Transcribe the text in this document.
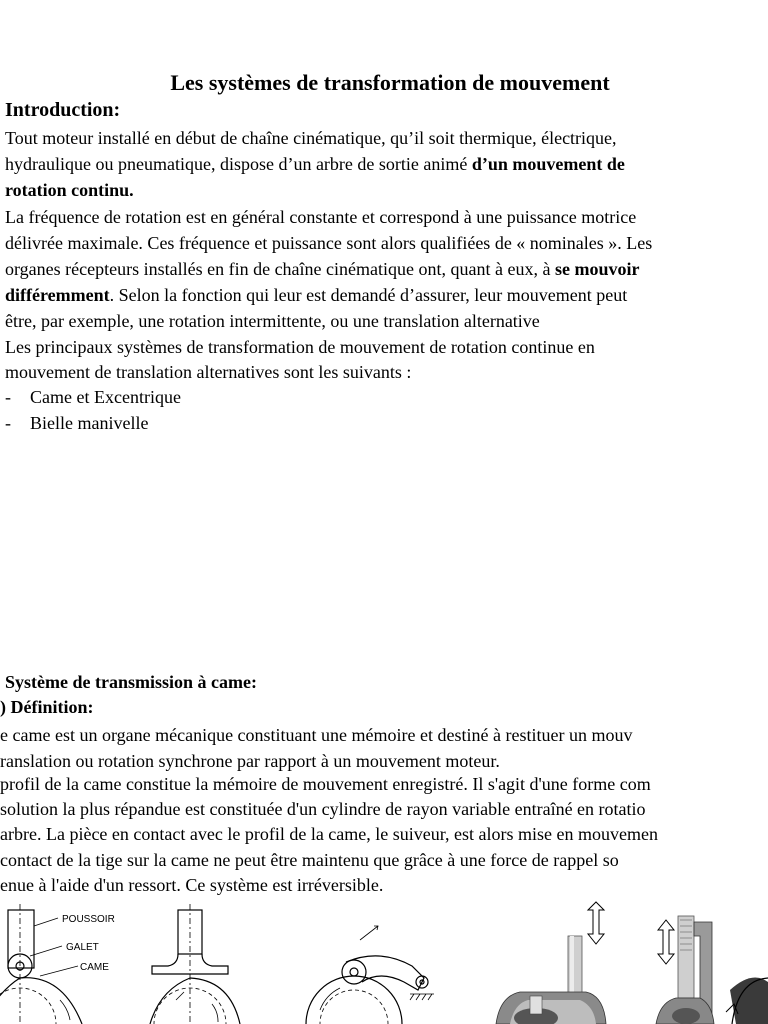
Les systèmes de transformation de mouvement
Introduction:
Tout moteur installé en début de chaîne cinématique, qu’il soit thermique, électrique,
hydraulique ou pneumatique, dispose d’un arbre de sortie animé d’un mouvement de
rotation continu.
La fréquence de rotation est en général constante et correspond à une puissance motrice
délivrée maximale. Ces fréquence et puissance sont alors qualifiées de « nominales ». Les
organes récepteurs installés en fin de chaîne cinématique ont, quant à eux, à se mouvoir
différemment. Selon la fonction qui leur est demandé d’assurer, leur mouvement peut
être, par exemple, une rotation intermittente, ou une translation alternative
Les principaux systèmes de transformation de mouvement de rotation continue en
mouvement de translation alternatives sont les suivants :
- Came et Excentrique
- Bielle manivelle
Système de transmission à came:
) Définition:
e came est un organe mécanique constituant une mémoire et destiné à restituer un mouv
ranslation ou rotation synchrone par rapport à un mouvement moteur.
profil de la came constitue la mémoire de mouvement enregistré. Il s'agit d'une forme com
solution la plus répandue est constituée d'un cylindre de rayon variable entraîné en rotatio
arbre. La pièce en contact avec le profil de la came, le suiveur, est alors mise en mouvemen
contact de la tige sur la came ne peut être maintenu que grâce à une force de rappel so
enue à l'aide d'un ressort. Ce système est irréversible.
POUSSOIR
GALET
CAME
